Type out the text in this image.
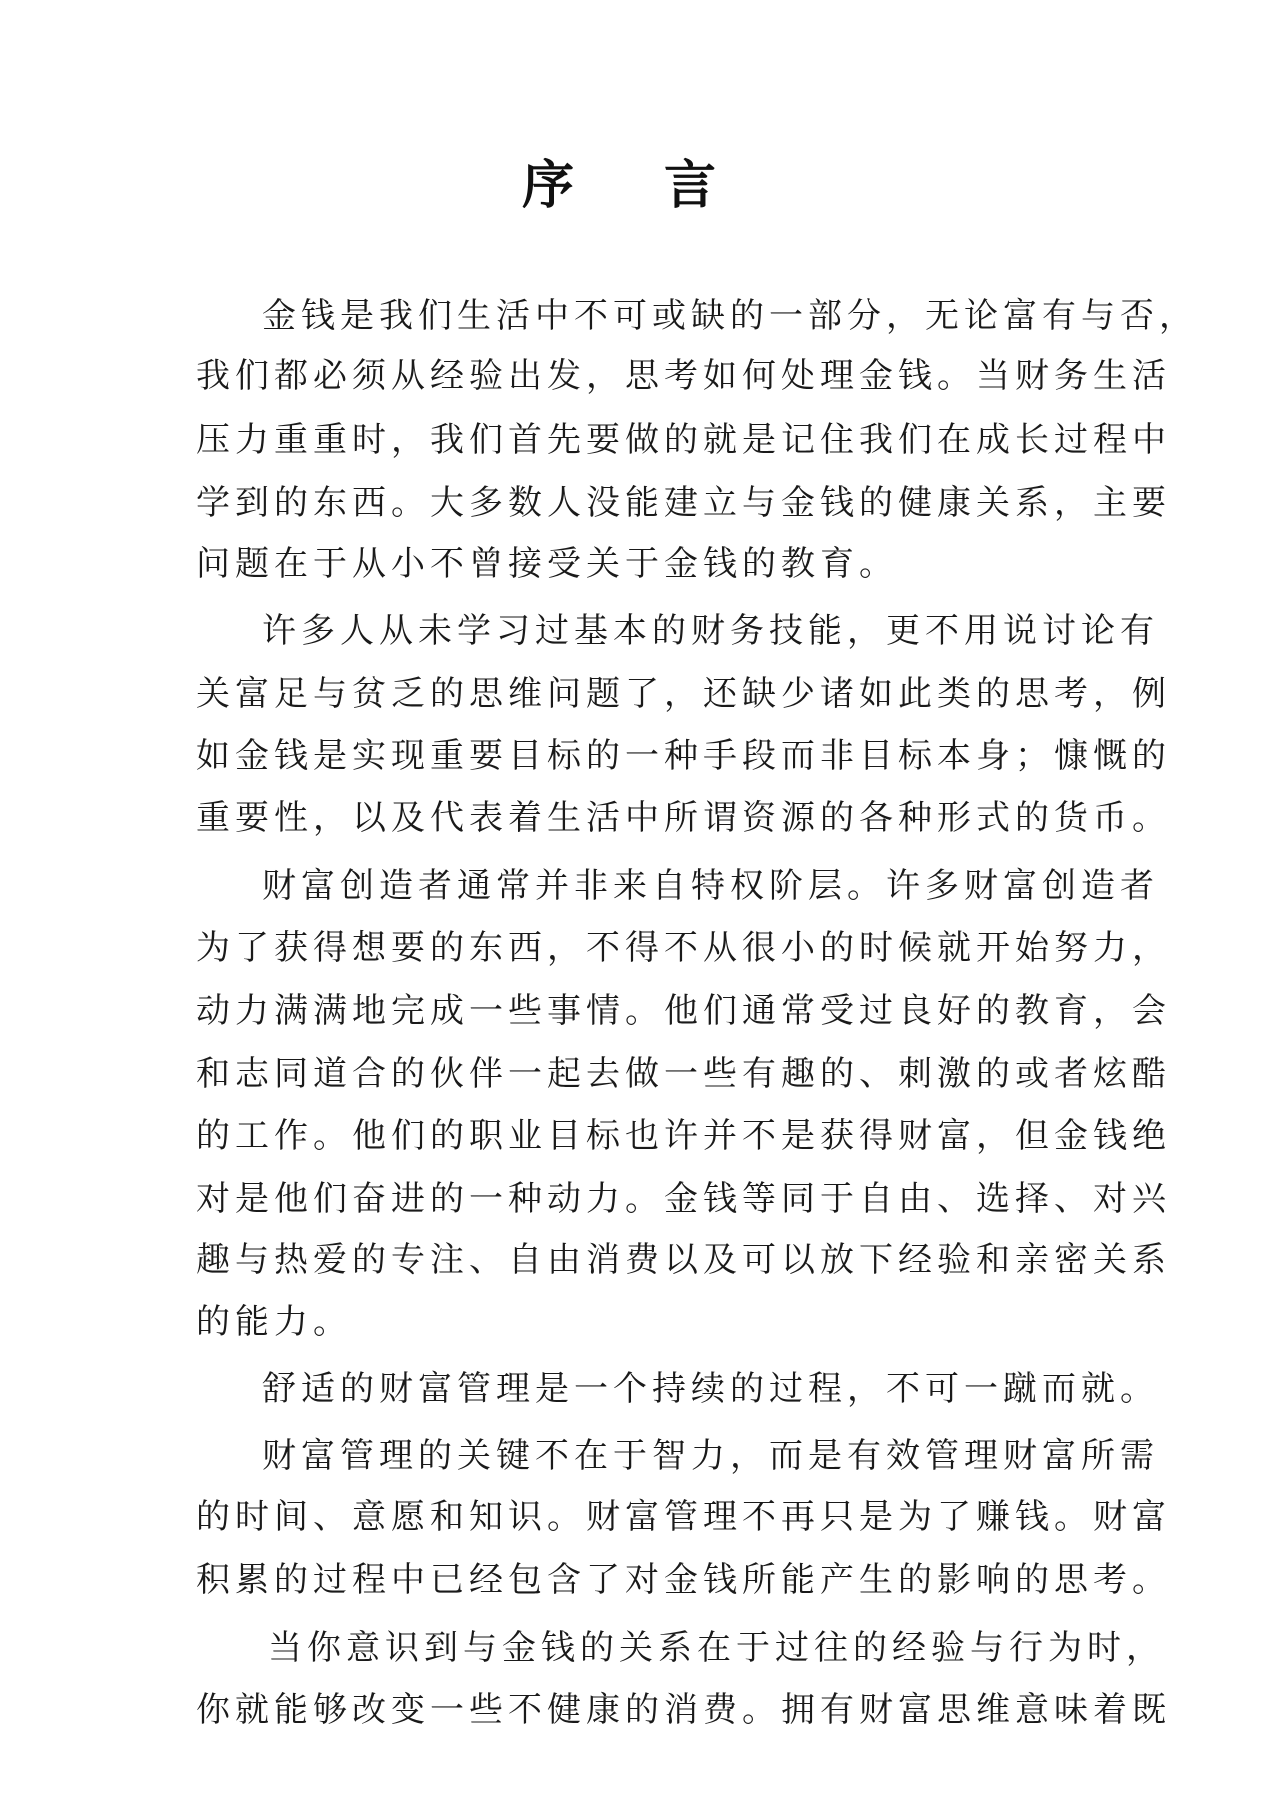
序 言
金钱是我们生活中不可或缺的一部分，无论富有与否，
我们都必须从经验出发，思考如何处理金钱。当财务生活
压力重重时，我们首先要做的就是记住我们在成长过程中
学到的东西。大多数人没能建立与金钱的健康关系，主要
问题在于从小不曾接受关于金钱的教育。
许多人从未学习过基本的财务技能，更不用说讨论有
关富足与贫乏的思维问题了，还缺少诸如此类的思考，例
如金钱是实现重要目标的一种手段而非目标本身；慷慨的
重要性，以及代表着生活中所谓资源的各种形式的货币。
财富创造者通常并非来自特权阶层。许多财富创造者
为了获得想要的东西，不得不从很小的时候就开始努力，
动力满满地完成一些事情。他们通常受过良好的教育，会
和志同道合的伙伴一起去做一些有趣的、刺激的或者炫酷
的工作。他们的职业目标也许并不是获得财富，但金钱绝
对是他们奋进的一种动力。金钱等同于自由、选择、对兴
趣与热爱的专注、自由消费以及可以放下经验和亲密关系
的能力。
舒适的财富管理是一个持续的过程，不可一蹴而就。
财富管理的关键不在于智力，而是有效管理财富所需
的时间、意愿和知识。财富管理不再只是为了赚钱。财富
积累的过程中已经包含了对金钱所能产生的影响的思考。
当你意识到与金钱的关系在于过往的经验与行为时，
你就能够改变一些不健康的消费。拥有财富思维意味着既
